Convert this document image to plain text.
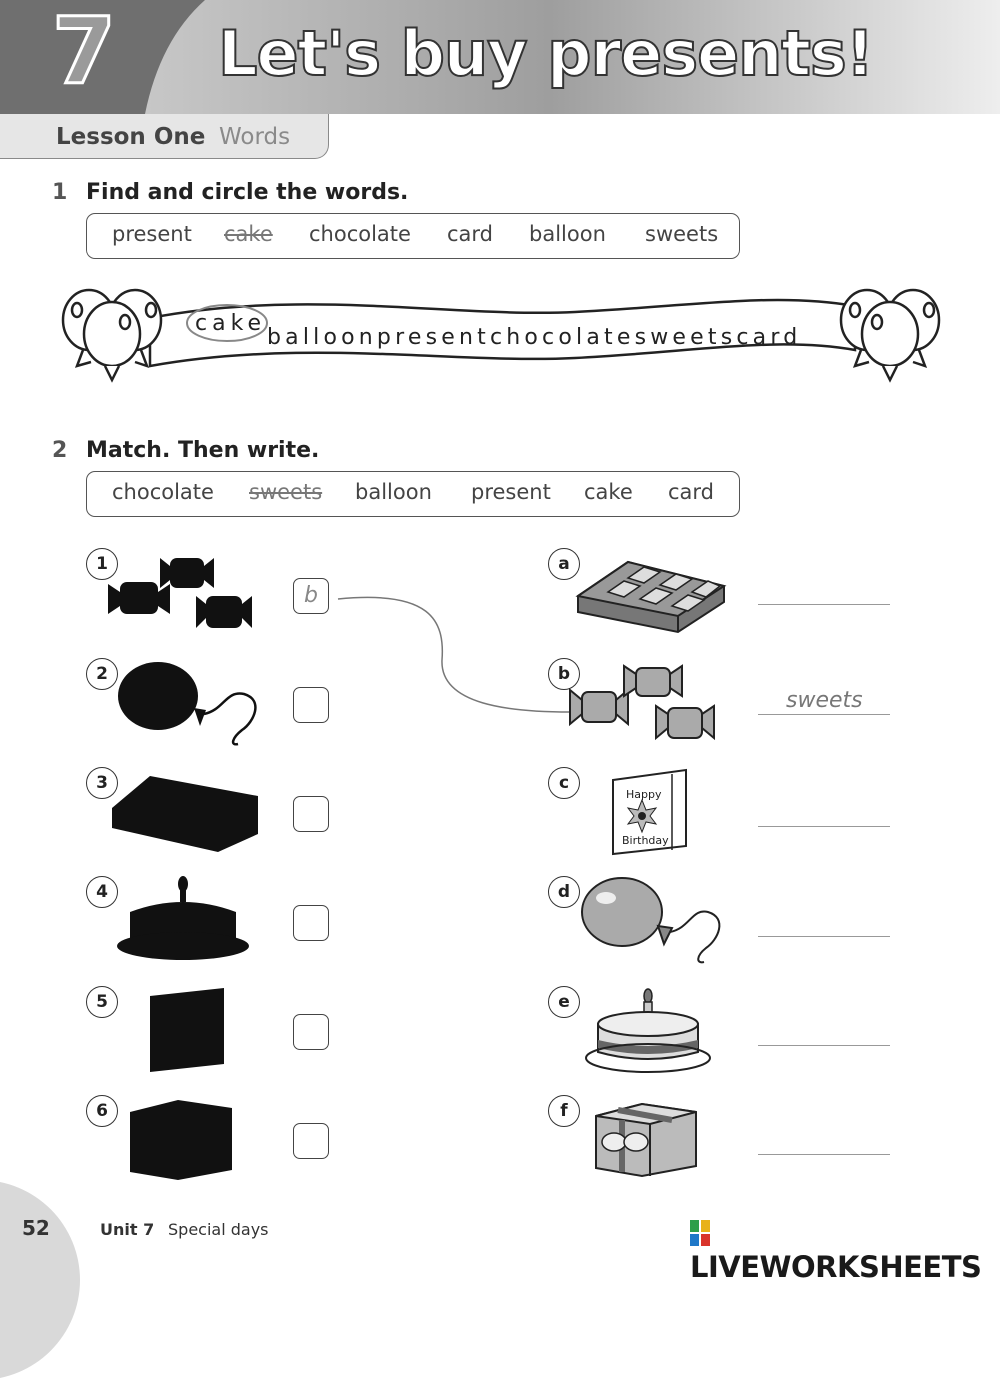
7 Let's buy presents!
Lesson One Words
1 Find and circle the words.
present cake chocolate card balloon sweets
cake
balloonpresentchocolatesweetscard
2 Match. Then write.
chocolate sweets balloon present cake card
1
b
2
3
4
5
6
a
b
sweets
c
Happy
Birthday
d
e
f
52	Unit 7 Special days
LIVEWORKSHEETS
